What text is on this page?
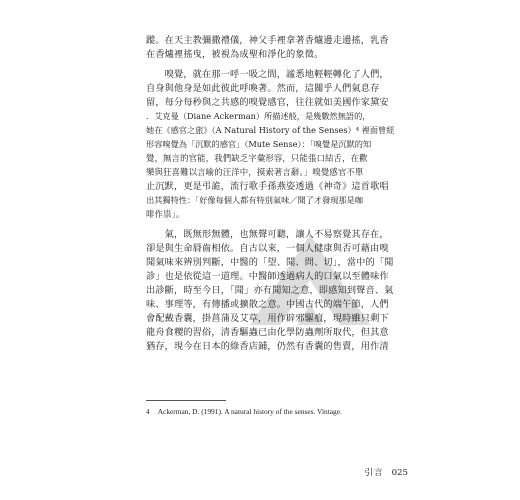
蹤。在天主教彌撒禮儀，神父手裡拿著香爐邊走邊搖，乳香
在香爐裡搖曳，被視為成聖和淨化的象徵。
　　嗅覺，就在那一呼一吸之間，謐悉地輕輕轉化了人們，
自身與他身是如此彼此呼喚著。然而，這關乎人們氣息存
留，每分每秒與之共感的嗅覺感官，往往就如美國作家黛安
．艾克曼（Diane Ackerman）所描述般，是幾數然無語的，
她在《感官之旅》（A Natural History of the Senses）⁴ 裡面曾經
形容嗅覺為「沉默的感官」（Mute Sense）：「嗅覺是沉默的知
覺，無言的官能，我們缺乏字彙形容，只能張口結舌，在歡
樂與狂喜難以言喻的汪洋中，摸索著言辭。」嗅覺感官不單
止沉默，更是弔詭，流行歌手孫燕姿透過《神奇》這首歌唱
出其獨特性：「好像每個人都有特別氣味／聞了才發現那是咖
啡作祟」。
　　氣，既無形無體，也無聲可聽，讓人不易察覺其存在，
卻是與生命脣齒相依。自古以來，一個人健康與否可藉由嗅
聞氣味來辨別判斷，中醫的「望、聞、問、切」，當中的「聞
診」也是依從這一道理。中醫師透過病人的口氣以至體味作
出診斷，時至今日，「聞」亦有聞知之意，即感知到聲音、氣
味、事理等，有傳播或擴散之意。中國古代的端午節，人們
會配戴香囊，掛菖蒲及艾草，用作辟邪驅瘟，現時雖只剩下
龍舟食糭的習俗，清香驅蟲已由化學防蟲劑所取代，但其意
猶存，現今在日本的綠香店鋪，仍然有香囊的售賣，用作清
4 Ackerman, D. (1991). A natural history of the senses. Vintage.
引言 025
